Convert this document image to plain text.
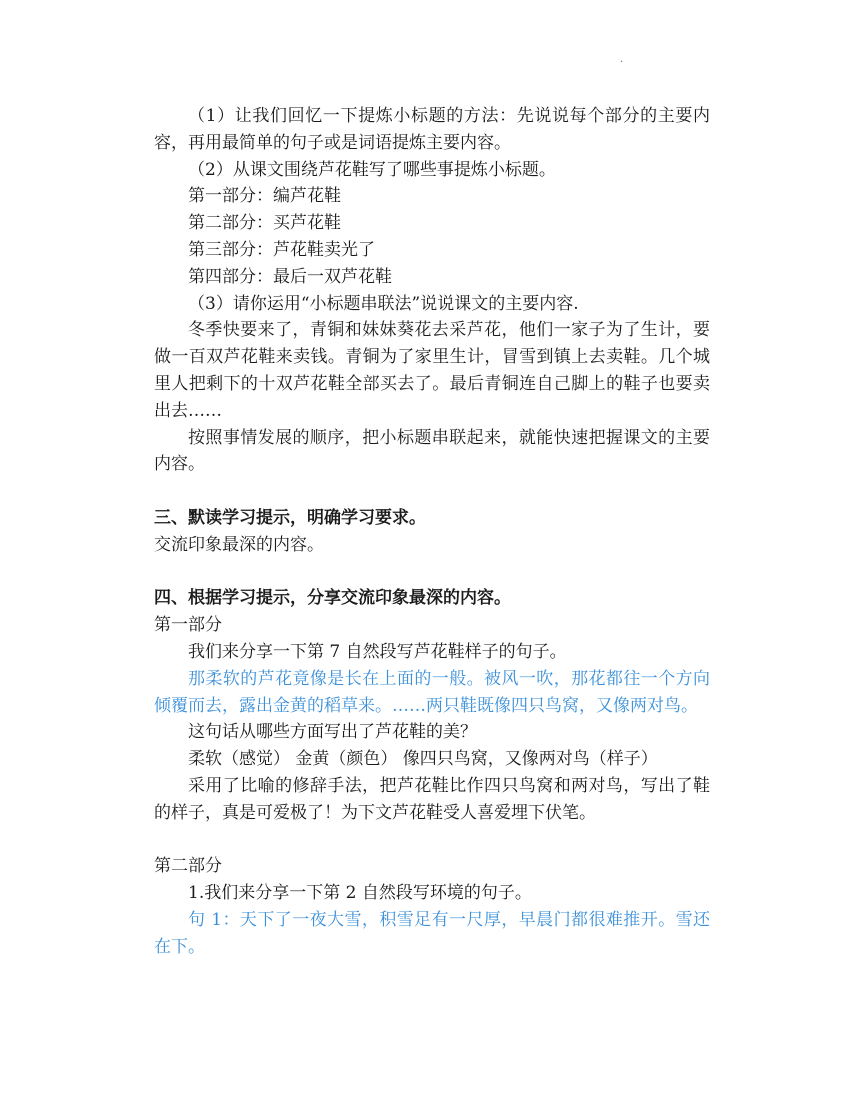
.

（1）让我们回忆一下提炼小标题的方法：先说说每个部分的主要内容，再用最简单的句子或是词语提炼主要内容。

（2）从课文围绕芦花鞋写了哪些事提炼小标题。

第一部分：编芦花鞋

第二部分：买芦花鞋

第三部分：芦花鞋卖光了

第四部分：最后一双芦花鞋

（3）请你运用“小标题串联法”说说课文的主要内容.

冬季快要来了，青铜和妹妹葵花去采芦花，他们一家子为了生计，要做一百双芦花鞋来卖钱。青铜为了家里生计，冒雪到镇上去卖鞋。几个城里人把剩下的十双芦花鞋全部买去了。最后青铜连自己脚上的鞋子也要卖出去……

按照事情发展的顺序，把小标题串联起来，就能快速把握课文的主要内容。

三、默读学习提示，明确学习要求。

交流印象最深的内容。

四、根据学习提示，分享交流印象最深的内容。

第一部分

我们来分享一下第 7 自然段写芦花鞋样子的句子。

那柔软的芦花竟像是长在上面的一般。被风一吹，那花都往一个方向倾覆而去，露出金黄的稻草来。……两只鞋既像四只鸟窝，又像两对鸟。

这句话从哪些方面写出了芦花鞋的美？

柔软（感觉） 金黄（颜色） 像四只鸟窝，又像两对鸟（样子）

采用了比喻的修辞手法，把芦花鞋比作四只鸟窝和两对鸟，写出了鞋的样子，真是可爱极了！为下文芦花鞋受人喜爱埋下伏笔。

第二部分

1.我们来分享一下第 2 自然段写环境的句子。

句 1：天下了一夜大雪，积雪足有一尺厚，早晨门都很难推开。雪还在下。
